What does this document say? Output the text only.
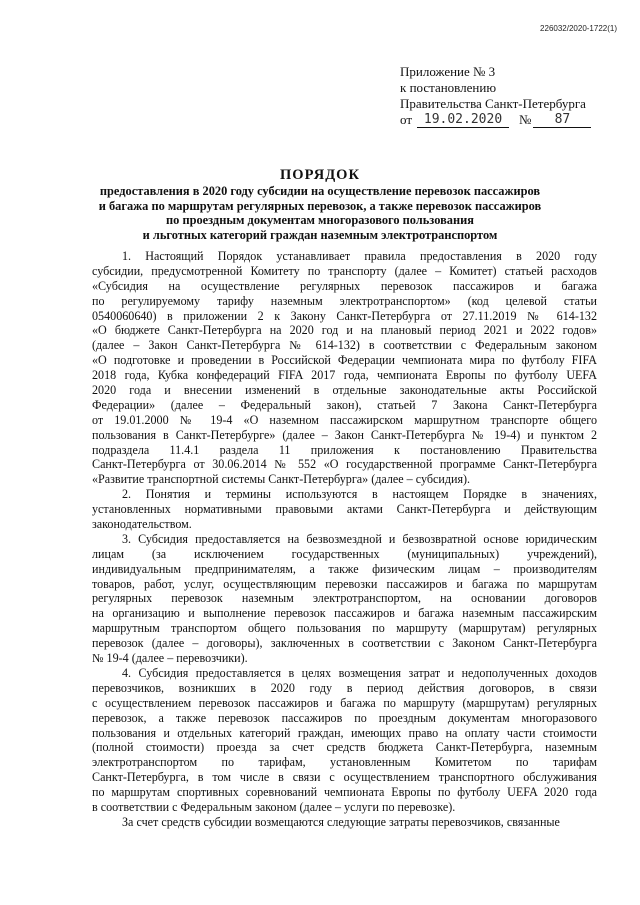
226032/2020-1722(1)
Приложение № 3
к постановлению
Правительства Санкт-Петербурга
от 19.02.2020	№	87
ПОРЯДОК
предоставления в 2020 году субсидии на осуществление перевозок пассажиров
и багажа по маршрутам регулярных перевозок, а также перевозок пассажиров
по проездным документам многоразового пользования
и льготных категорий граждан наземным электротранспортом
1. Настоящий Порядок устанавливает правила предоставления в 2020 году
субсидии, предусмотренной Комитету по транспорту (далее – Комитет) статьей расходов
«Субсидия на осуществление регулярных перевозок пассажиров и багажа
по регулируемому тарифу наземным электротранспортом» (код целевой статьи
0540060640) в приложении 2 к Закону Санкт-Петербурга от 27.11.2019 № 614-132
«О бюджете Санкт-Петербурга на 2020 год и на плановый период 2021 и 2022 годов»
(далее – Закон Санкт-Петербурга № 614-132) в соответствии с Федеральным законом
«О подготовке и проведении в Российской Федерации чемпионата мира по футболу FIFA
2018 года, Кубка конфедераций FIFA 2017 года, чемпионата Европы по футболу UEFA
2020 года и внесении изменений в отдельные законодательные акты Российской
Федерации» (далее – Федеральный закон), статьей 7 Закона Санкт-Петербурга
от 19.01.2000 № 19-4 «О наземном пассажирском маршрутном транспорте общего
пользования в Санкт-Петербурге» (далее – Закон Санкт-Петербурга № 19-4) и пунктом 2
подраздела 11.4.1 раздела 11 приложения к постановлению Правительства
Санкт-Петербурга от 30.06.2014 № 552 «О государственной программе Санкт-Петербурга
«Развитие транспортной системы Санкт-Петербурга» (далее – субсидия).
2. Понятия и термины используются в настоящем Порядке в значениях,
установленных нормативными правовыми актами Санкт-Петербурга и действующим
законодательством.
3. Субсидия предоставляется на безвозмездной и безвозвратной основе юридическим
лицам (за исключением государственных (муниципальных) учреждений),
индивидуальным предпринимателям, а также физическим лицам – производителям
товаров, работ, услуг, осуществляющим перевозки пассажиров и багажа по маршрутам
регулярных перевозок наземным электротранспортом, на основании договоров
на организацию и выполнение перевозок пассажиров и багажа наземным пассажирским
маршрутным транспортом общего пользования по маршруту (маршрутам) регулярных
перевозок (далее – договоры), заключенных в соответствии с Законом Санкт-Петербурга
№ 19-4 (далее – перевозчики).
4. Субсидия предоставляется в целях возмещения затрат и недополученных доходов
перевозчиков, возникших в 2020 году в период действия договоров, в связи
с осуществлением перевозок пассажиров и багажа по маршруту (маршрутам) регулярных
перевозок, а также перевозок пассажиров по проездным документам многоразового
пользования и отдельных категорий граждан, имеющих право на оплату части стоимости
(полной стоимости) проезда за счет средств бюджета Санкт-Петербурга, наземным
электротранспортом по тарифам, установленным Комитетом по тарифам
Санкт-Петербурга, в том числе в связи с осуществлением транспортного обслуживания
по маршрутам спортивных соревнований чемпионата Европы по футболу UEFA 2020 года
в соответствии с Федеральным законом (далее – услуги по перевозке).
За счет средств субсидии возмещаются следующие затраты перевозчиков, связанные
